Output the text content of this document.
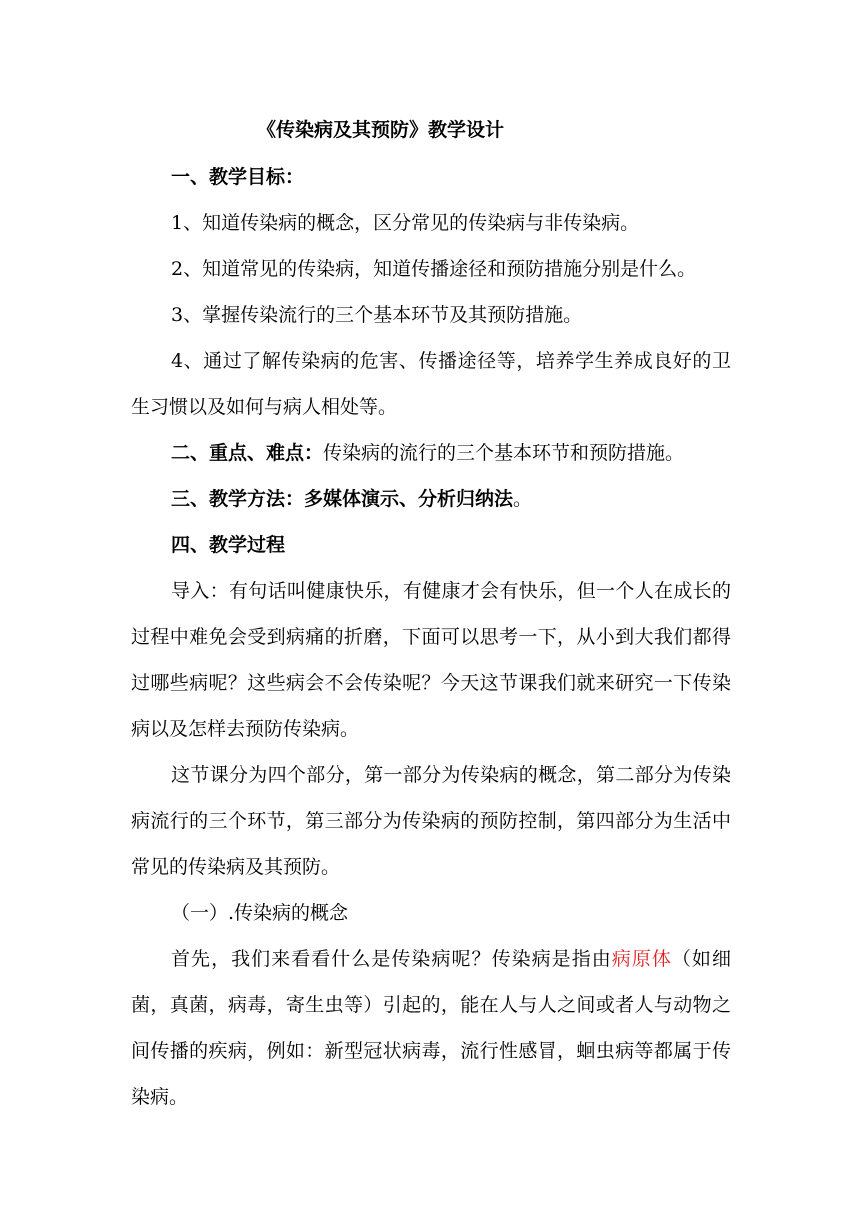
《传染病及其预防》教学设计

一、教学目标：

1、知道传染病的概念，区分常见的传染病与非传染病。

2、知道常见的传染病，知道传播途径和预防措施分别是什么。

3、掌握传染流行的三个基本环节及其预防措施。

4、通过了解传染病的危害、传播途径等，培养学生养成良好的卫生习惯以及如何与病人相处等。

二、重点、难点：传染病的流行的三个基本环节和预防措施。

三、教学方法：多媒体演示、分析归纳法。

四、教学过程

导入：有句话叫健康快乐，有健康才会有快乐，但一个人在成长的过程中难免会受到病痛的折磨，下面可以思考一下，从小到大我们都得过哪些病呢？这些病会不会传染呢？今天这节课我们就来研究一下传染病以及怎样去预防传染病。

这节课分为四个部分，第一部分为传染病的概念，第二部分为传染病流行的三个环节，第三部分为传染病的预防控制，第四部分为生活中常见的传染病及其预防。

（一）.传染病的概念

首先，我们来看看什么是传染病呢？传染病是指由病原体（如细菌，真菌，病毒，寄生虫等）引起的，能在人与人之间或者人与动物之间传播的疾病，例如：新型冠状病毒，流行性感冒，蛔虫病等都属于传染病。
